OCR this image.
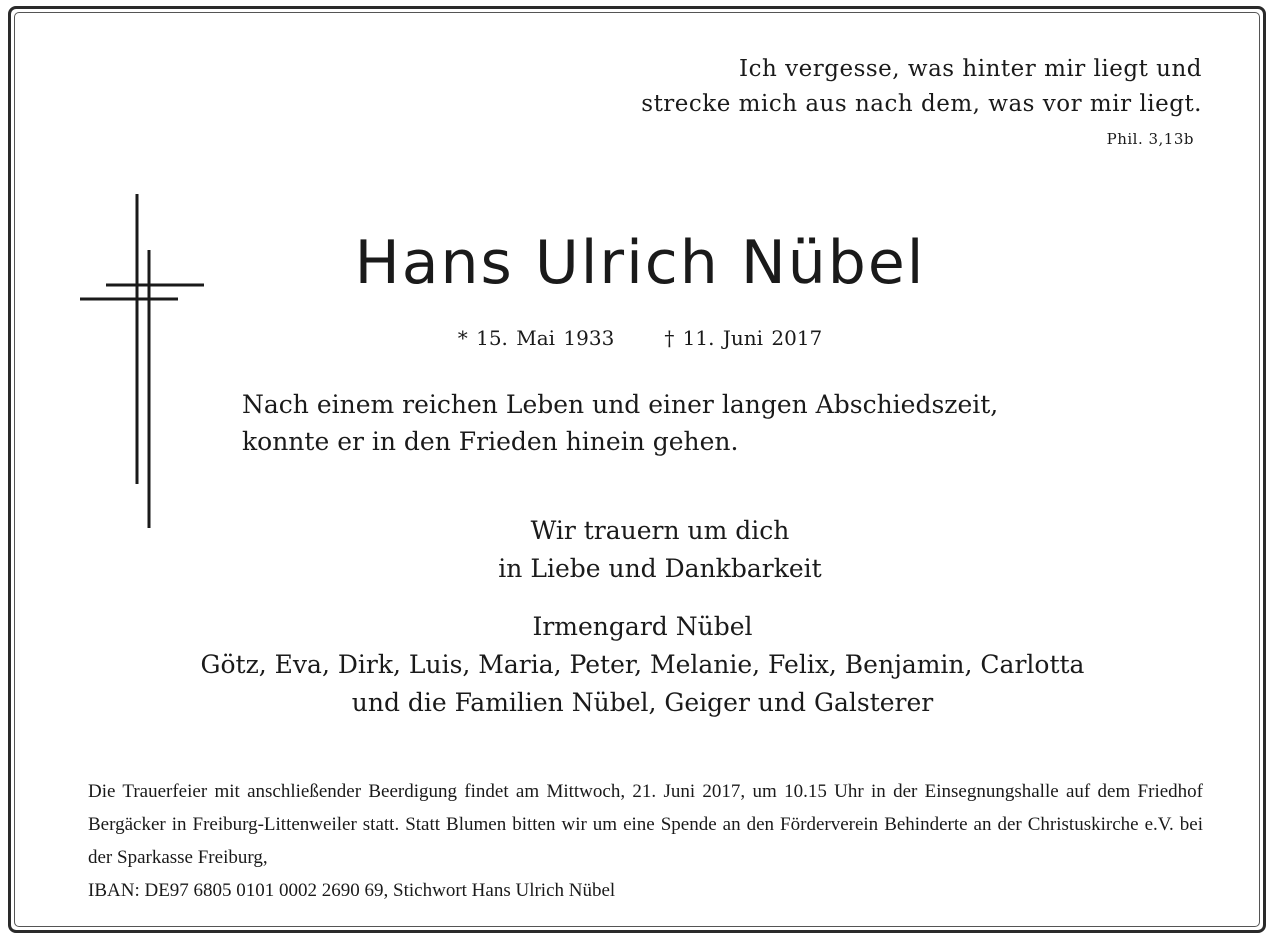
Ich vergesse, was hinter mir liegt und
strecke mich aus nach dem, was vor mir liegt.
Phil. 3,13b
Hans Ulrich Nübel
* 15. Mai 1933	† 11. Juni 2017
Nach einem reichen Leben und einer langen Abschiedszeit,
konnte er in den Frieden hinein gehen.
Wir trauern um dich
in Liebe und Dankbarkeit
Irmengard Nübel
Götz, Eva, Dirk, Luis, Maria, Peter, Melanie, Felix, Benjamin, Carlotta
und die Familien Nübel, Geiger und Galsterer
Die Trauerfeier mit anschließender Beerdigung findet am Mittwoch, 21. Juni 2017, um 10.15 Uhr in der Einsegnungshalle auf dem Friedhof Bergäcker in Freiburg-Littenweiler statt. Statt Blumen bitten wir um eine Spende an den Förderverein Behinderte an der Christuskirche e.V. bei der Sparkasse Freiburg,
IBAN: DE97 6805 0101 0002 2690 69, Stichwort Hans Ulrich Nübel
